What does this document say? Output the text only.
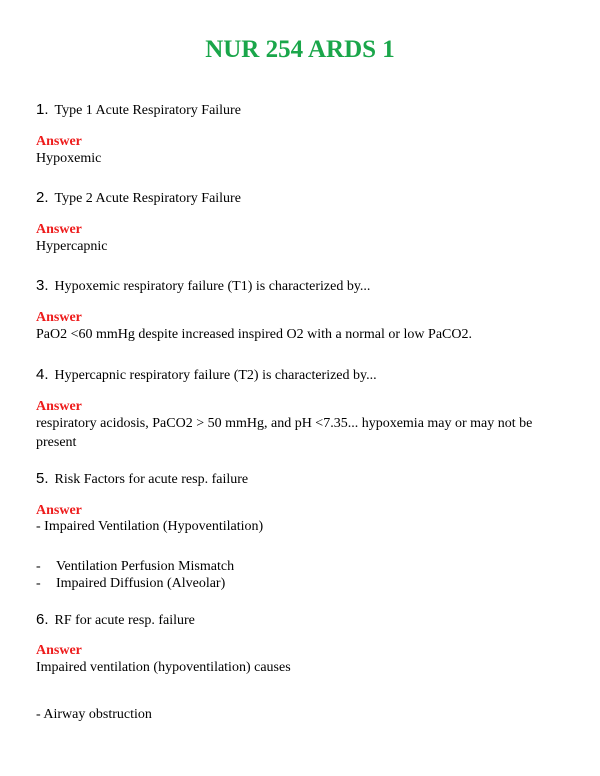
NUR 254 ARDS 1
1. Type 1 Acute Respiratory Failure
Answer
Hypoxemic
2. Type 2 Acute Respiratory Failure
Answer
Hypercapnic
3. Hypoxemic respiratory failure (T1) is characterized by...
Answer
PaO2 <60 mmHg despite increased inspired O2 with a normal or low PaCO2.
4. Hypercapnic respiratory failure (T2) is characterized by...
Answer
respiratory acidosis, PaCO2 > 50 mmHg, and pH <7.35... hypoxemia may or may not be present
5. Risk Factors for acute resp. failure
Answer
- Impaired Ventilation (Hypoventilation)
- Ventilation Perfusion Mismatch
- Impaired Diffusion (Alveolar)
6. RF for acute resp. failure
Answer
Impaired ventilation (hypoventilation) causes
- Airway obstruction
